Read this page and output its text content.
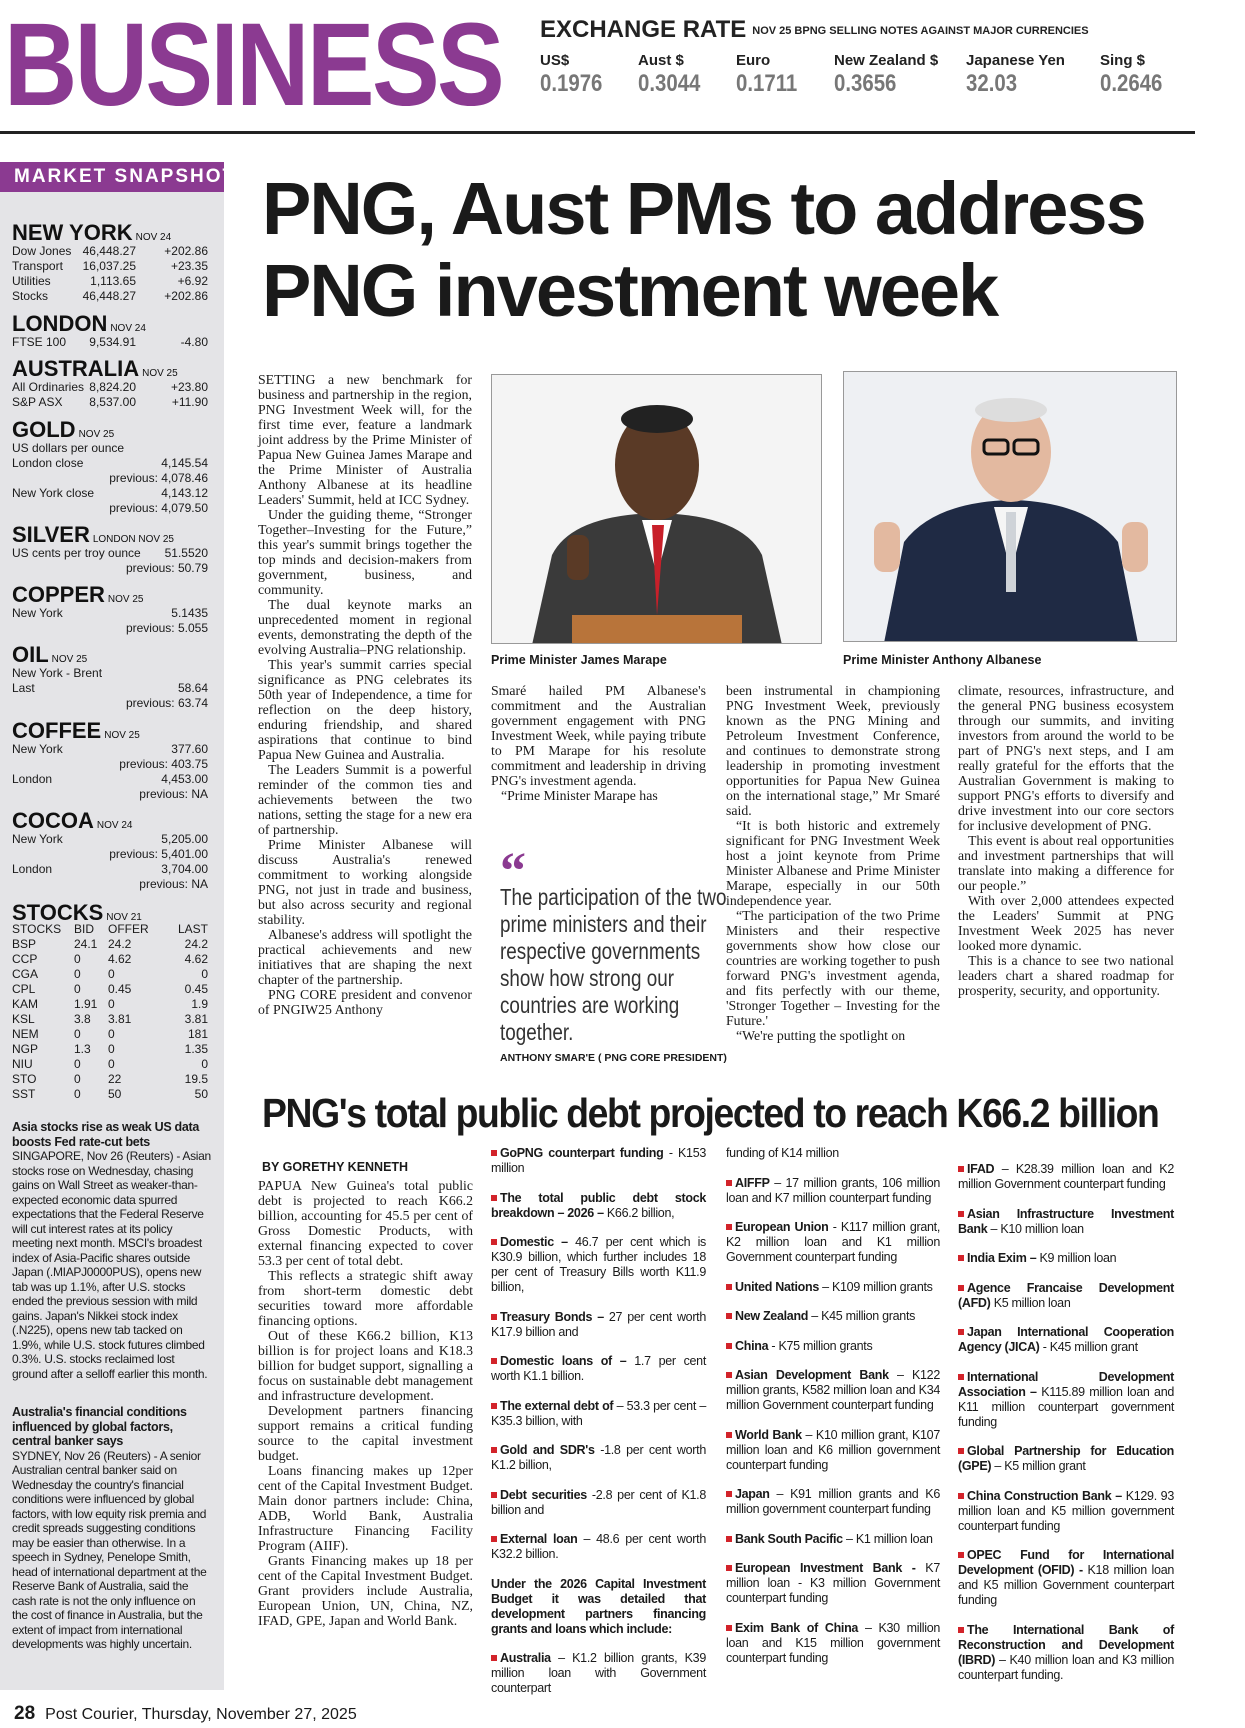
BUSINESS EXCHANGE RATE NOV 25 BPNG SELLING NOTES AGAINST MAJOR CURRENCIES
MARKET SNAPSHOT PNG, Aust PMs to address
PNG investment week

SETTING a new benchmark for business and partnership in the region, PNG Investment Week will, for the first time ever, feature a landmark joint address by the Prime Minister of Papua New Guinea James Marape and the Prime Minister of Australia Anthony Albanese at its headline Leaders' Summit, held at ICC Sydney.

Under the guiding theme, “Stronger Together–Investing for the Future,” this year's summit brings together the top minds and decision-makers from government, business, and community.

The dual keynote marks an unprecedented moment in regional events, demonstrating the depth of the evolving Australia–PNG relationship.

This year's summit carries special significance as PNG celebrates its 50th year of Independence, a time for reflection on the deep history, enduring friendship, and shared aspirations that continue to bind Papua New Guinea and Australia.

The Leaders Summit is a powerful reminder of the common ties and achievements between the two nations, setting the stage for a new era of partnership.

Prime Minister Albanese will discuss Australia's renewed commitment to working alongside PNG, not just in trade and business, but also across security and regional stability.

Albanese's address will spotlight the practical achievements and new initiatives that are shaping the next chapter of the partnership.

PNG CORE president and convenor of PNGIW25 Anthony

Prime Minister James Marape	Prime Minister Anthony Albanese

Smaré hailed PM Albanese's commitment and the Australian government engagement with PNG Investment Week, while paying tribute to PM Marape for his resolute commitment and leadership in driving PNG's investment agenda.

“Prime Minister Marape has

“
The participation of the two prime ministers and their respective governments show how strong our countries are working together.
ANTHONY SMAR'E ( PNG CORE PRESIDENT)

been instrumental in championing PNG Investment Week, previously known as the PNG Mining and Petroleum Investment Conference, and continues to demonstrate strong leadership in promoting investment opportunities for Papua New Guinea on the international stage,” Mr Smaré said.

“It is both historic and extremely significant for PNG Investment Week host a joint keynote from Prime Minister Albanese and Prime Minister Marape, especially in our 50th independence year.

“The participation of the two Prime Ministers and their respective governments show how close our countries are working together to push forward PNG's investment agenda, and fits perfectly with our theme, 'Stronger Together – Investing for the Future.'

“We're putting the spotlight on

climate, resources, infrastructure, and the general PNG business ecosystem through our summits, and inviting investors from around the world to be part of PNG's next steps, and I am really grateful for the efforts that the Australian Government is making to support PNG's efforts to diversify and drive investment into our core sectors for inclusive development of PNG.

This event is about real opportunities and investment partnerships that will translate into making a difference for our people.”

With over 2,000 attendees expected the Leaders' Summit at PNG Investment Week 2025 has never looked more dynamic.

This is a chance to see two national leaders chart a shared roadmap for prosperity, security, and opportunity.

PNG's total public debt projected to reach K66.2 billion
BY GORETHY KENNETH

PAPUA New Guinea's total public debt is projected to reach K66.2 billion, accounting for 45.5 per cent of Gross Domestic Products, with external financing expected to cover 53.3 per cent of total debt.

This reflects a strategic shift away from short-term domestic debt securities toward more affordable financing options.

Out of these K66.2 billion, K13 billion is for project loans and K18.3 billion for budget support, signalling a focus on sustainable debt management and infrastructure development.

Development partners financing support remains a critical funding source to the capital investment budget.

Loans financing makes up 12per cent of the Capital Investment Budget. Main donor partners include: China, ADB, World Bank, Australia Infrastructure Financing Facility Program (AIIF).

Grants Financing makes up 18 per cent of the Capital Investment Budget. Grant providers include Australia, European Union, UN, China, NZ, IFAD, GPE, Japan and World Bank.

GoPNG counterpart funding - K153 million

The total public debt stock breakdown – 2026 – K66.2 billion,

Domestic – 46.7 per cent which is K30.9 billion, which further includes 18 per cent of Treasury Bills worth K11.9 billion,

Treasury Bonds – 27 per cent worth K17.9 billion and

Domestic loans of – 1.7 per cent worth K1.1 billion.

The external debt of – 53.3 per cent – K35.3 billion, with

Gold and SDR's -1.8 per cent worth K1.2 billion,

Debt securities -2.8 per cent of K1.8 billion and

External loan – 48.6 per cent worth K32.2 billion.

Under the 2026 Capital Investment Budget it was detailed that development partners financing grants and loans which include:

Australia – K1.2 billion grants, K39 million loan with Government counterpart

funding of K14 million

AIFFP – 17 million grants, 106 million loan and K7 million counterpart funding

European Union - K117 million grant, K2 million loan and K1 million Government counterpart funding

United Nations – K109 million grants

New Zealand – K45 million grants

China - K75 million grants

Asian Development Bank – K122 million grants, K582 million loan and K34 million Government counterpart funding

World Bank – K10 million grant, K107 million loan and K6 million government counterpart funding

Japan – K91 million grants and K6 million government counterpart funding

Bank South Pacific – K1 million loan

European Investment Bank - K7 million loan - K3 million Government counterpart funding

Exim Bank of China – K30 million loan and K15 million government counterpart funding

IFAD – K28.39 million loan and K2 million Government counterpart funding

Asian Infrastructure Investment Bank – K10 million loan

India Exim – K9 million loan

Agence Francaise Development (AFD) K5 million loan

Japan International Cooperation Agency (JICA) - K45 million grant

International Development Association – K115.89 million loan and K11 million counterpart government funding

Global Partnership for Education (GPE) – K5 million grant

China Construction Bank – K129. 93 million loan and K5 million government counterpart funding

OPEC Fund for International Development (OFID) - K18 million loan and K5 million Government counterpart funding

The International Bank of Reconstruction and Development (IBRD) – K40 million loan and K3 million counterpart funding.

28 Post Courier, Thursday, November 27, 2025
US$
0.1976
Aust $
0.3044
Euro
0.1711
New Zealand $
0.3656
Japanese Yen
32.03
Sing $
0.2646
NEW YORK NOV 24
Dow Jones 46,448.27 +202.86
Transport 16,037.25	+23.35
Utilities	1,113.65	+6.92
Stocks	46,448.27 +202.86
LONDON NOV 24
FTSE 100 9,534.91	-4.80
AUSTRALIA NOV 25
All Ordinaries 8,824.20	+23.80
S&P ASX 8,537.00	+11.90
GOLD NOV 25
US dollars per ounce
London close	4,145.54
previous: 4,078.46
New York close	4,143.12
previous: 4,079.50
SILVER LONDON NOV 25
US cents per troy ounce 51.5520
previous: 50.79
COPPER NOV 25
New York	5.1435
previous: 5.055
OIL NOV 25
New York - Brent
Last	58.64
previous: 63.74
COFFEE NOV 25
New York	377.60
previous: 403.75
London	4,453.00
previous: NA
COCOA NOV 24
New York	5,205.00
previous: 5,401.00
London	3,704.00
previous: NA
STOCKS NOV 21
STOCKS BID OFFER LAST
BSP	24.1 24.2	24.2
CCP	0 4.62	4.62
CGA	0 0	0
CPL	0 0.45	0.45
KAM	1.91 0	1.9
KSL	3.8 3.81	3.81
NEM	0 0	181
NGP	1.3 0	1.35
NIU	0 0	0
STO	0 22	19.5
SST	0 50	50
Asia stocks rise as weak US data boosts Fed rate-cut bets
SINGAPORE, Nov 26 (Reuters) - Asian stocks rose on Wednesday, chasing gains on Wall Street as weaker-than-expected economic data spurred expectations that the Federal Reserve will cut interest rates at its policy meeting next month. MSCI's broadest index of Asia-Pacific shares outside Japan (.MIAPJ0000PUS), opens new tab was up 1.1%, after U.S. stocks ended the previous session with mild gains. Japan's Nikkei stock index (.N225), opens new tab tacked on 1.9%, while U.S. stock futures climbed 0.3%. U.S. stocks reclaimed lost ground after a selloff earlier this month.
Australia's financial conditions influenced by global factors, central banker says
SYDNEY, Nov 26 (Reuters) - A senior Australian central banker said on Wednesday the country's financial conditions were influenced by global factors, with low equity risk premia and credit spreads suggesting conditions may be easier than otherwise. In a speech in Sydney, Penelope Smith, head of international department at the Reserve Bank of Australia, said the cash rate is not the only influence on the cost of finance in Australia, but the extent of impact from international developments was highly uncertain.
